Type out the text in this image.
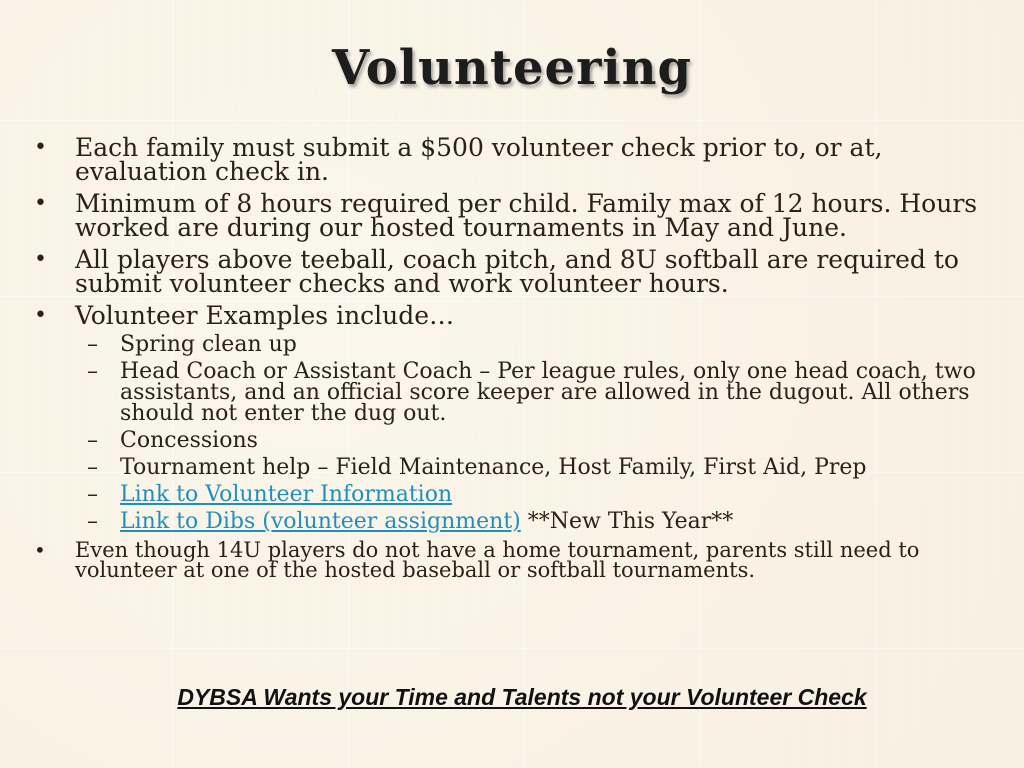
Volunteering
• Each family must submit a $500 volunteer check prior to, or at, evaluation check in.
• Minimum of 8 hours required per child. Family max of 12 hours. Hours worked are during our hosted tournaments in May and June.
• All players above teeball, coach pitch, and 8U softball are required to submit volunteer checks and work volunteer hours.
• Volunteer Examples include…
– Spring clean up
– Head Coach or Assistant Coach – Per league rules, only one head coach, two assistants, and an official score keeper are allowed in the dugout. All others should not enter the dug out.
– Concessions
– Tournament help – Field Maintenance, Host Family, First Aid, Prep
– Link to Volunteer Information
– Link to Dibs (volunteer assignment) **New This Year**
• Even though 14U players do not have a home tournament, parents still need to volunteer at one of the hosted baseball or softball tournaments.
DYBSA Wants your Time and Talents not your Volunteer Check
